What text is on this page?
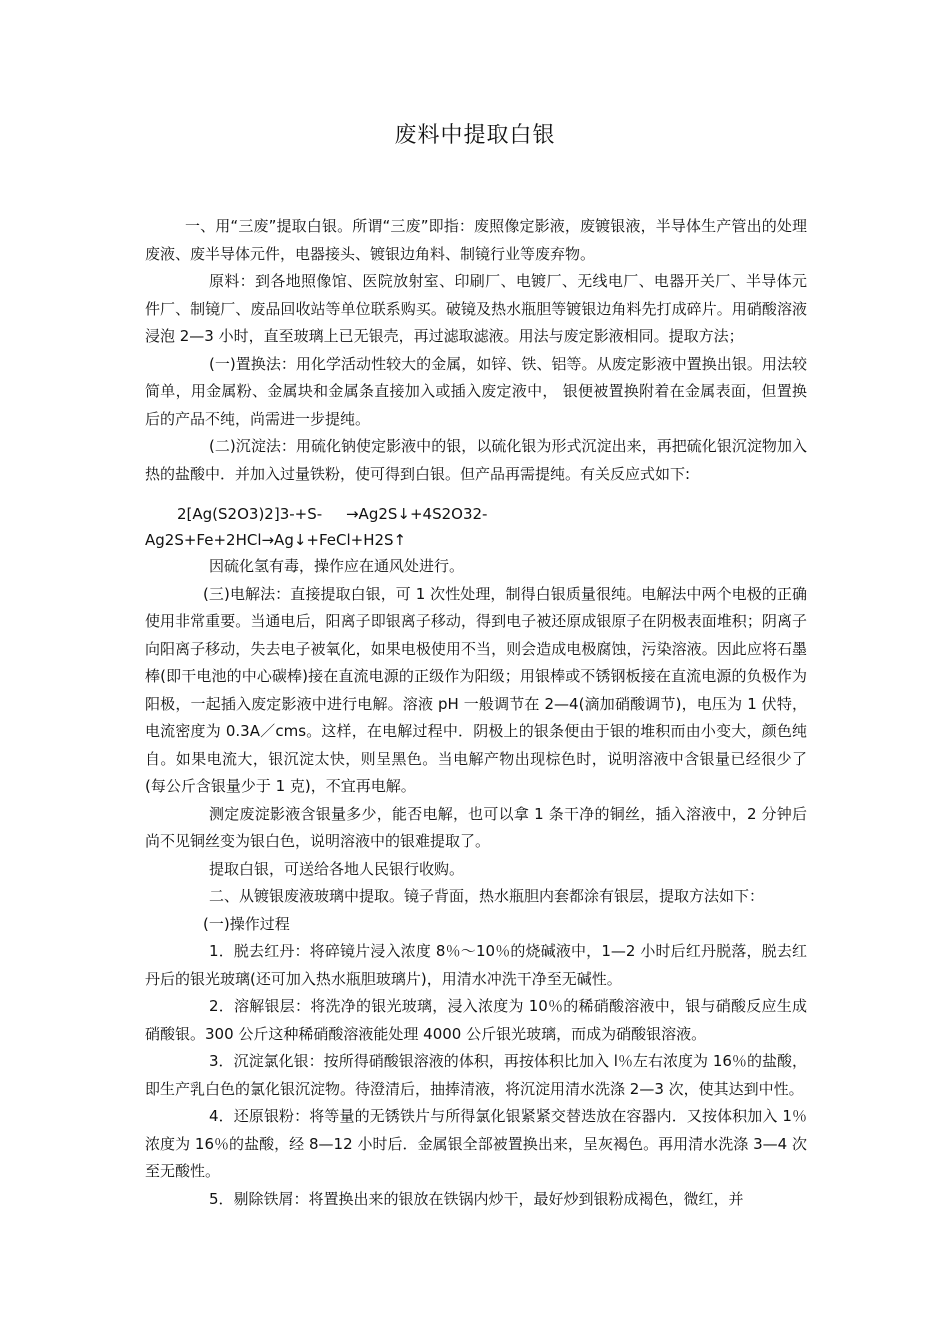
废料中提取白银

一、用“三废”提取白银。所谓“三废”即指：废照像定影液，废镀银液，半导体生产管出的处理废液、废半导体元件，电器接头、镀银边角料、制镜行业等废弃物。

原料：到各地照像馆、医院放射室、印刷厂、电镀厂、无线电厂、电器开关厂、半导体元件厂、制镜厂、废品回收站等单位联系购买。破镜及热水瓶胆等镀银边角料先打成碎片。用硝酸溶液浸泡 2—3 小时，直至玻璃上已无银壳，再过滤取滤液。用法与废定影液相同。提取方法；

(一)置换法：用化学活动性较大的金属，如锌、铁、铝等。从废定影液中置换出银。用法较简单，用金属粉、金属块和金属条直接加入或插入废定液中， 银便被置换附着在金属表面，但置换后的产品不纯，尚需进一步提纯。

(二)沉淀法：用硫化钠使定影液中的银，以硫化银为形式沉淀出来，再把硫化银沉淀物加入热的盐酸中．并加入过量铁粉，使可得到白银。但产品再需提纯。有关反应式如下:

2[Ag(S2O3)2]3-+S-     →Ag2S↓+4S2O32-
Ag2S+Fe+2HCl→Ag↓+FeCl+H2S↑

因硫化氢有毒，操作应在通风处进行。

(三)电解法：直接提取白银，可 1 次性处理，制得白银质量很纯。电解法中两个电极的正确使用非常重要。当通电后，阳离子即银离子移动，得到电子被还原成银原子在阴极表面堆积；阴离子向阳离子移动，失去电子被氧化，如果电极使用不当，则会造成电极腐蚀，污染溶液。因此应将石墨棒(即干电池的中心碳棒)接在直流电源的正级作为阳级；用银棒或不锈钢板接在直流电源的负极作为阳极，一起插入废定影液中进行电解。溶液 pH 一般调节在 2—4(滴加硝酸调节)，电压为 1 伏特，电流密度为 0.3A／cms。这样，在电解过程中．阴极上的银条便由于银的堆积而由小变大，颜色纯自。如果电流大，银沉淀太快，则呈黑色。当电解产物出现棕色时，说明溶液中含银量已经很少了(每公斤含银量少于 1 克)，不宜再电解。

测定废淀影液含银量多少，能否电解，也可以拿 1 条干净的铜丝，插入溶液中，2 分钟后尚不见铜丝变为银白色，说明溶液中的银难提取了。

提取白银，可送给各地人民银行收购。

二、从镀银废液玻璃中提取。镜子背面，热水瓶胆内套都涂有银层，提取方法如下：

(一)操作过程

1．脱去红丹：将碎镜片浸入浓度 8％～10％的烧碱液中，1—2 小时后红丹脱落，脱去红丹后的银光玻璃(还可加入热水瓶胆玻璃片)，用清水冲洗干净至无碱性。

2．溶解银层：将洗净的银光玻璃，浸入浓度为 10％的稀硝酸溶液中，银与硝酸反应生成硝酸银。300 公斤这种稀硝酸溶液能处理 4000 公斤银光玻璃，而成为硝酸银溶液。

3．沉淀氯化银：按所得硝酸银溶液的体积，再按体积比加入 l％左右浓度为 16％的盐酸，即生产乳白色的氯化银沉淀物。待澄清后，抽捧清液，将沉淀用清水洗涤 2—3 次，使其达到中性。

4．还原银粉：将等量的无锈铁片与所得氯化银紧紧交替迭放在容器内．又按体积加入 1％浓度为 16％的盐酸，经 8—12 小时后．金属银全部被置换出来，呈灰褐色。再用清水洗涤 3—4 次至无酸性。

5．剔除铁屑：将置换出来的银放在铁锅内炒干，最好炒到银粉成褐色，微红，并
